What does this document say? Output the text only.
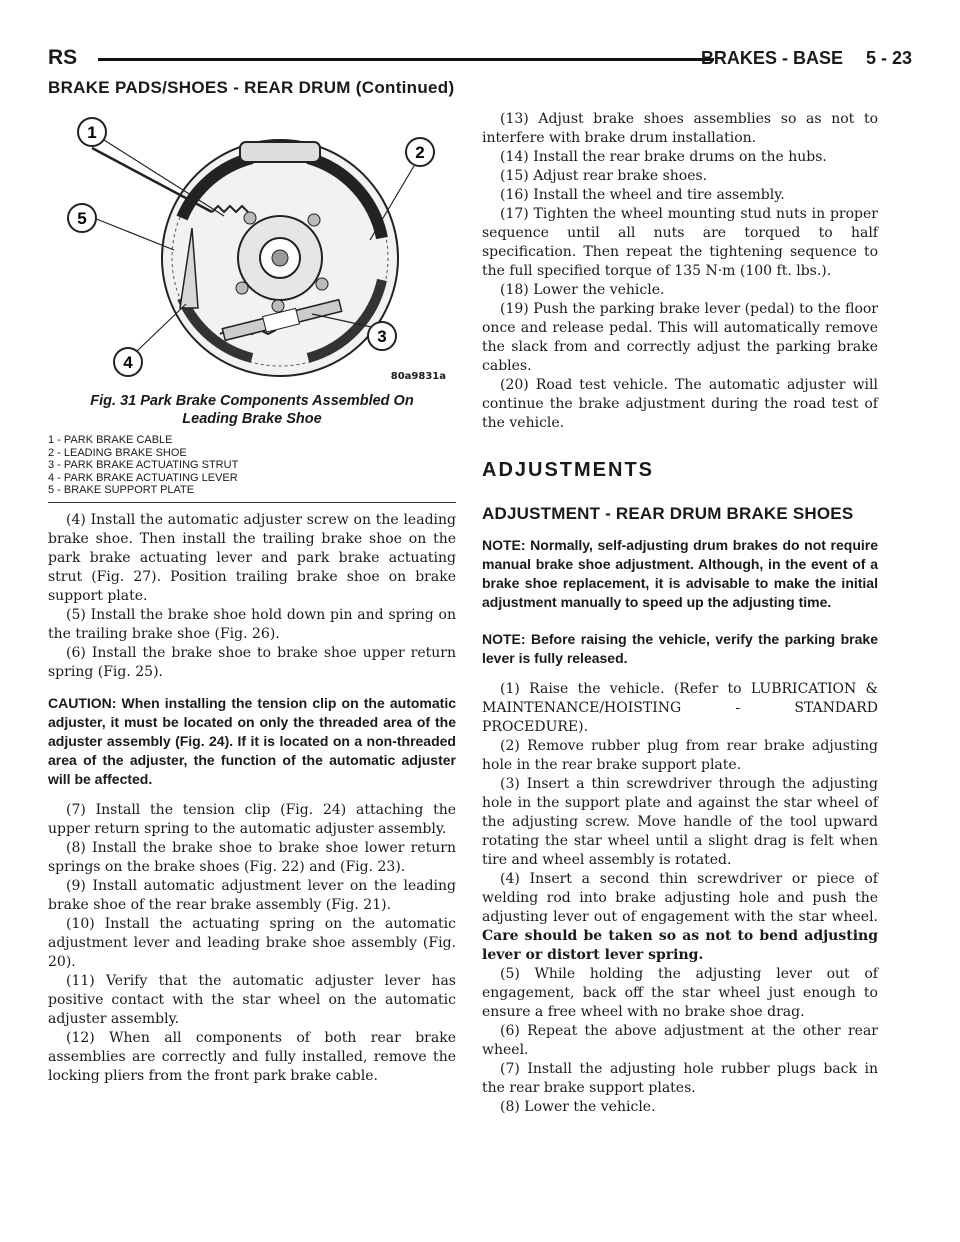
RS	BRAKES - BASE 5 - 23
BRAKE PADS/SHOES - REAR DRUM (Continued)
1
2
3
4
5
80a9831a
Fig. 31 Park Brake Components Assembled On
Leading Brake Shoe
1 - PARK BRAKE CABLE
2 - LEADING BRAKE SHOE
3 - PARK BRAKE ACTUATING STRUT
4 - PARK BRAKE ACTUATING LEVER
5 - BRAKE SUPPORT PLATE

(4) Install the automatic adjuster screw on the leading brake shoe. Then install the trailing brake shoe on the park brake actuating lever and park brake actuating strut (Fig. 27). Position trailing brake shoe on brake support plate.

(5) Install the brake shoe hold down pin and spring on the trailing brake shoe (Fig. 26).

(6) Install the brake shoe to brake shoe upper return spring (Fig. 25).

CAUTION: When installing the tension clip on the automatic adjuster, it must be located on only the threaded area of the adjuster assembly (Fig. 24). If it is located on a non-threaded area of the adjuster, the function of the automatic adjuster will be affected.

(7) Install the tension clip (Fig. 24) attaching the upper return spring to the automatic adjuster assembly.

(8) Install the brake shoe to brake shoe lower return springs on the brake shoes (Fig. 22) and (Fig. 23).

(9) Install automatic adjustment lever on the leading brake shoe of the rear brake assembly (Fig. 21).

(10) Install the actuating spring on the automatic adjustment lever and leading brake shoe assembly (Fig. 20).

(11) Verify that the automatic adjuster lever has positive contact with the star wheel on the automatic adjuster assembly.

(12) When all components of both rear brake assemblies are correctly and fully installed, remove the locking pliers from the front park brake cable.

(13) Adjust brake shoes assemblies so as not to interfere with brake drum installation.

(14) Install the rear brake drums on the hubs.

(15) Adjust rear brake shoes.

(16) Install the wheel and tire assembly.

(17) Tighten the wheel mounting stud nuts in proper sequence until all nuts are torqued to half specification. Then repeat the tightening sequence to the full specified torque of 135 N·m (100 ft. lbs.).

(18) Lower the vehicle.

(19) Push the parking brake lever (pedal) to the floor once and release pedal. This will automatically remove the slack from and correctly adjust the parking brake cables.

(20) Road test vehicle. The automatic adjuster will continue the brake adjustment during the road test of the vehicle.

ADJUSTMENTS
ADJUSTMENT - REAR DRUM BRAKE SHOES

NOTE: Normally, self-adjusting drum brakes do not require manual brake shoe adjustment. Although, in the event of a brake shoe replacement, it is advisable to make the initial adjustment manually to speed up the adjusting time.

NOTE: Before raising the vehicle, verify the parking brake lever is fully released.

(1) Raise the vehicle. (Refer to LUBRICATION & MAINTENANCE/HOISTING - STANDARD PROCEDURE).

(2) Remove rubber plug from rear brake adjusting hole in the rear brake support plate.

(3) Insert a thin screwdriver through the adjusting hole in the support plate and against the star wheel of the adjusting screw. Move handle of the tool upward rotating the star wheel until a slight drag is felt when tire and wheel assembly is rotated.

(4) Insert a second thin screwdriver or piece of welding rod into brake adjusting hole and push the adjusting lever out of engagement with the star wheel. Care should be taken so as not to bend adjusting lever or distort lever spring.

(5) While holding the adjusting lever out of engagement, back off the star wheel just enough to ensure a free wheel with no brake shoe drag.

(6) Repeat the above adjustment at the other rear wheel.

(7) Install the adjusting hole rubber plugs back in the rear brake support plates.

(8) Lower the vehicle.
